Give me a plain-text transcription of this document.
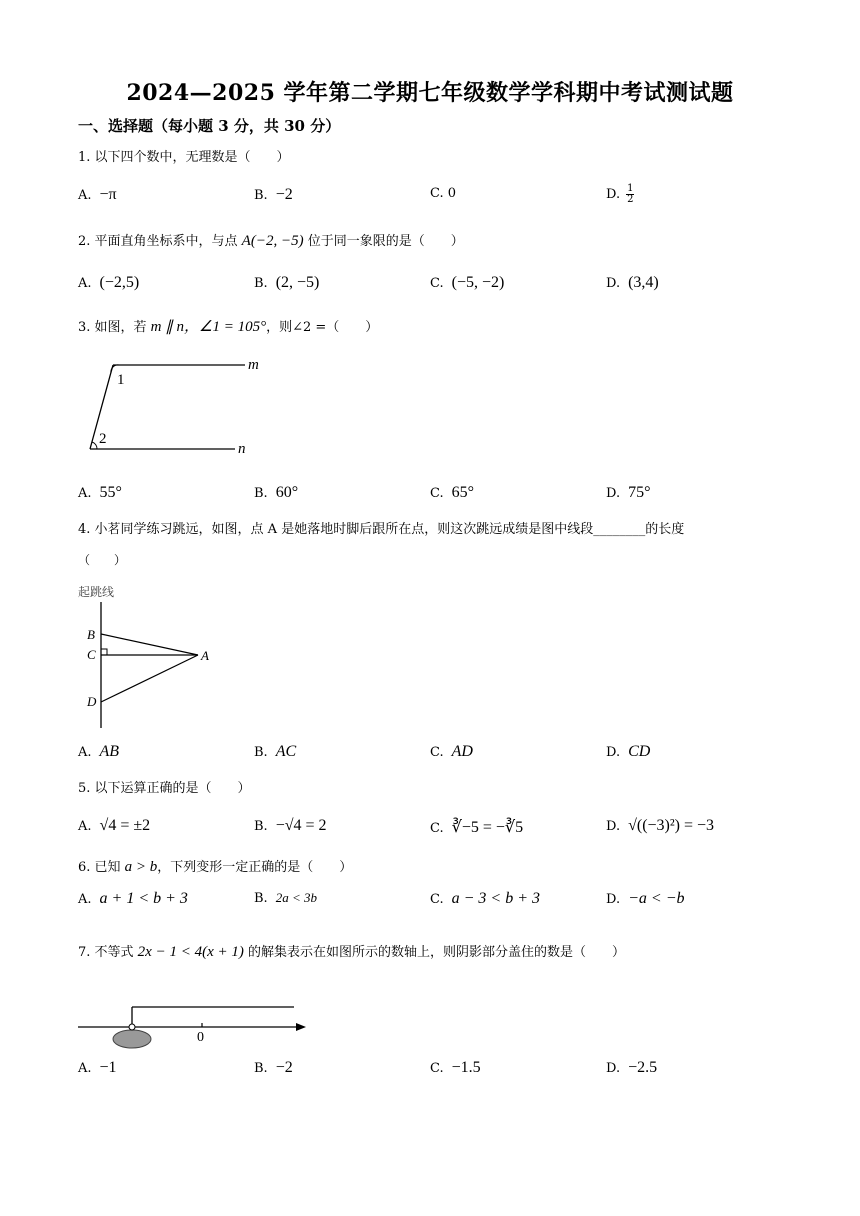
2024—2025 学年第二学期七年级数学学科期中考试测试题
一、选择题（每小题 3 分，共 30 分）
1. 以下四个数中，无理数是（　　）
A. −π	B. −2	C. 0	D. $\frac{1}{2}$
2. 平面直角坐标系中，与点 A(−2, −5) 位于同一象限的是（　　）
A. (−2,5)	B. (2, −5)	C. (−5, −2)	D. (3,4)
3. 如图，若 m ∥ n，∠1 = 105°，则∠2 =（　　）
m
n
1
2
A. 55°	B. 60°	C. 65°	D. 75°
4. 小茗同学练习跳远，如图，点 A 是她落地时脚后跟所在点，则这次跳远成绩是图中线段________的长度
（　　）
起跳线
B
C	A
D
A. AB	B. AC	C. AD	D. CD
5. 以下运算正确的是（　　）
A. √4 = ±2	B. −√4 = 2	C. ∛−5 = −∛5	D. √((−3)²) = −3
6. 已知 a > b，下列变形一定正确的是（　　）
A. a + 1 < b + 3	B. 2a < 3b	C. a − 3 < b + 3	D. −a < −b
7. 不等式 2x − 1 < 4(x + 1) 的解集表示在如图所示的数轴上，则阴影部分盖住的数是（　　）
0
A. −1	B. −2	C. −1.5	D. −2.5
